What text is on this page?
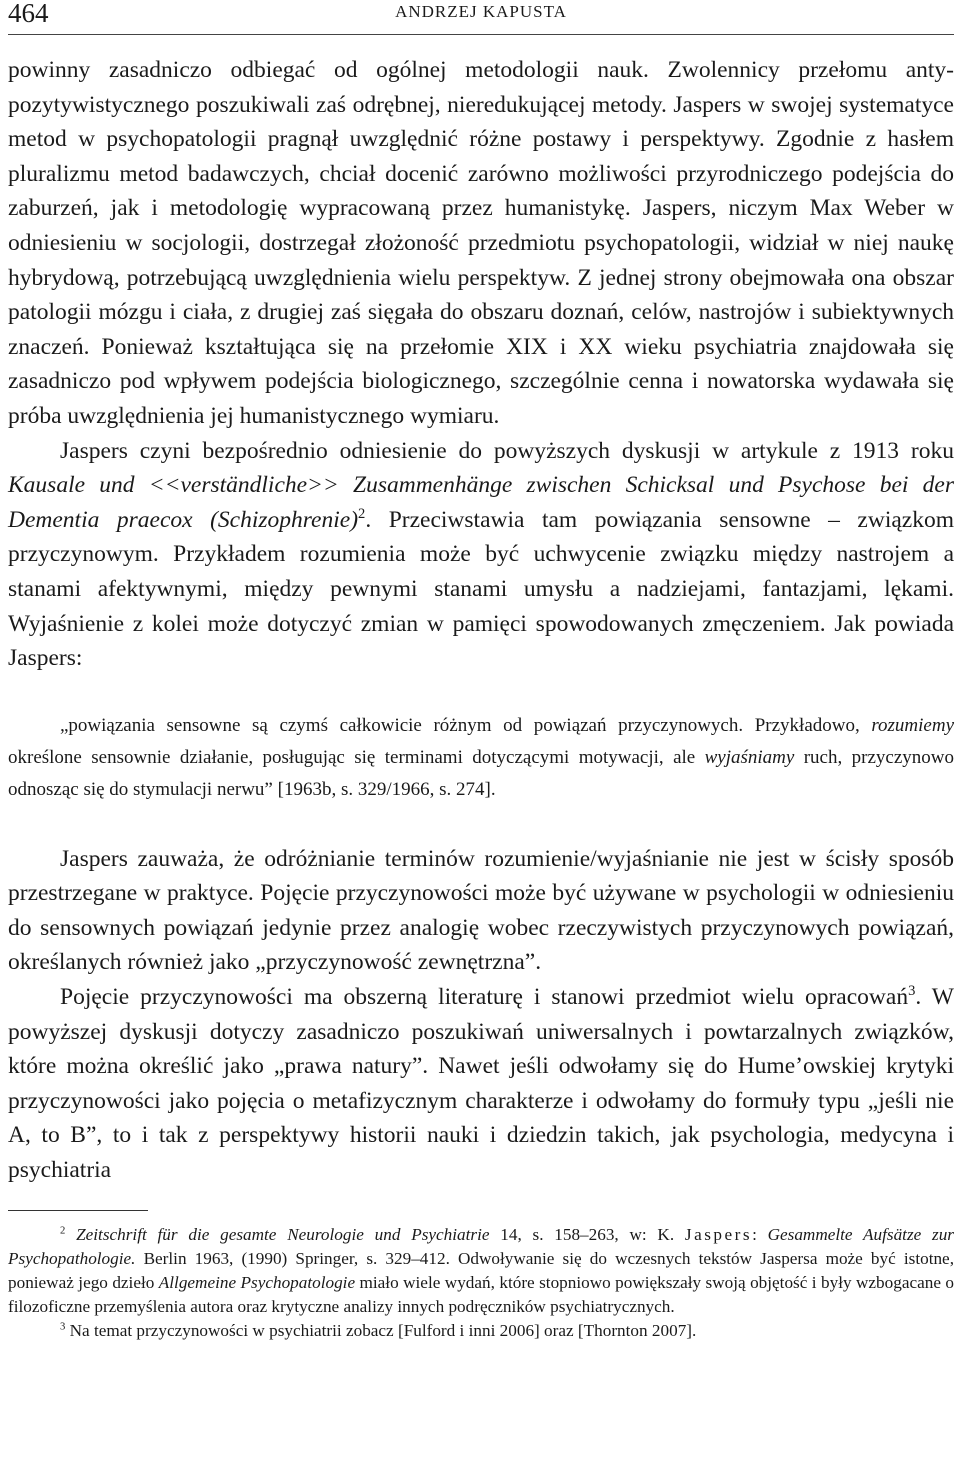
464	ANDRZEJ KAPUSTA

powinny zasadniczo odbiegać od ogólnej metodologii nauk. Zwolennicy przełomu anty-pozytywistycznego poszukiwali zaś odrębnej, nieredukującej metody. Jaspers w swojej systematyce metod w psychopatologii pragnął uwzględnić różne postawy i perspektywy. Zgodnie z hasłem pluralizmu metod badawczych, chciał docenić zarówno możliwości przyrodniczego podejścia do zaburzeń, jak i metodologię wypracowaną przez humanistykę. Jaspers, niczym Max Weber w odniesieniu w socjologii, dostrzegał złożoność przedmiotu psychopatologii, widział w niej naukę hybrydową, potrzebującą uwzględnienia wielu perspektyw. Z jednej strony obejmowała ona obszar patologii mózgu i ciała, z drugiej zaś sięgała do obszaru doznań, celów, nastrojów i subiektywnych znaczeń. Ponieważ kształtująca się na przełomie XIX i XX wieku psychiatria znajdowała się zasadniczo pod wpływem podejścia biologicznego, szczególnie cenna i nowatorska wydawała się próba uwzględnienia jej humanistycznego wymiaru.

Jaspers czyni bezpośrednio odniesienie do powyższych dyskusji w artykule z 1913 roku Kausale und <<verständliche>> Zusammenhänge zwischen Schicksal und Psychose bei der Dementia praecox (Schizophrenie)$^2$. Przeciwstawia tam powiązania sensowne – związkom przyczynowym. Przykładem rozumienia może być uchwycenie związku między nastrojem a stanami afektywnymi, między pewnymi stanami umysłu a nadziejami, fantazjami, lękami. Wyjaśnienie z kolei może dotyczyć zmian w pamięci spowodowanych zmęczeniem. Jak powiada Jaspers:

„powiązania sensowne są czymś całkowicie różnym od powiązań przyczynowych. Przykładowo, rozumiemy określone sensownie działanie, posługując się terminami dotyczącymi motywacji, ale wyjaśniamy ruch, przyczynowo odnosząc się do stymulacji nerwu” [1963b, s. 329/1966, s. 274].

Jaspers zauważa, że odróżnianie terminów rozumienie/wyjaśnianie nie jest w ścisły sposób przestrzegane w praktyce. Pojęcie przyczynowości może być używane w psychologii w odniesieniu do sensownych powiązań jedynie przez analogię wobec rzeczywistych przyczynowych powiązań, określanych również jako „przyczynowość zewnętrzna”.

Pojęcie przyczynowości ma obszerną literaturę i stanowi przedmiot wielu opracowań$^3$. W powyższej dyskusji dotyczy zasadniczo poszukiwań uniwersalnych i powtarzalnych związków, które można określić jako „prawa natury”. Nawet jeśli odwołamy się do Hume’owskiej krytyki przyczynowości jako pojęcia o metafizycznym charakterze i odwołamy do formuły typu „jeśli nie A, to B”, to i tak z perspektywy historii nauki i dziedzin takich, jak psychologia, medycyna i psychiatria

$^2$ Zeitschrift für die gesamte Neurologie und Psychiatrie 14, s. 158–263, w: K. Jaspers: Gesammelte Aufsätze zur Psychopathologie. Berlin 1963, (1990) Springer, s. 329–412. Odwoływanie się do wczesnych tekstów Jaspersa może być istotne, ponieważ jego dzieło Allgemeine Psychopatologie miało wiele wydań, które stopniowo powiększały swoją objętość i były wzbogacane o filozoficzne przemyślenia autora oraz krytyczne analizy innych podręczników psychiatrycznych.

$^3$ Na temat przyczynowości w psychiatrii zobacz [Fulford i inni 2006] oraz [Thornton 2007].
